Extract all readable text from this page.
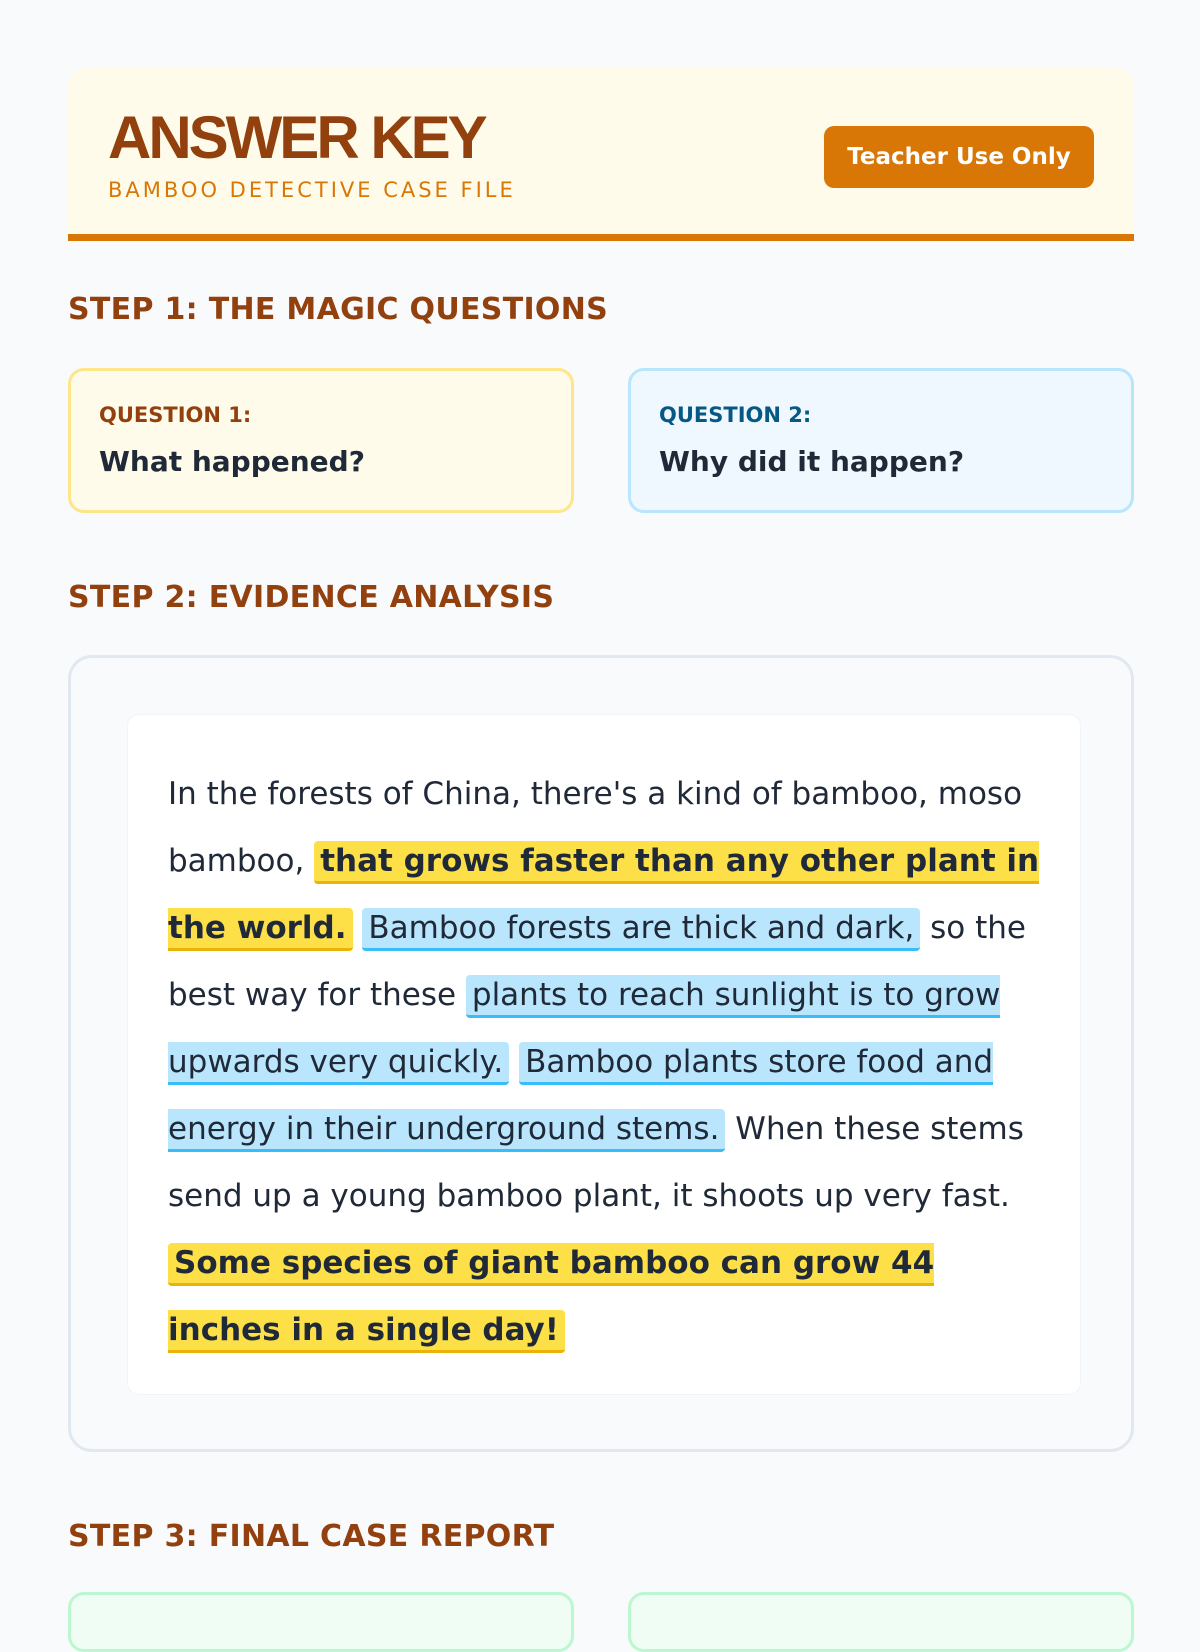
ANSWER KEY
BAMBOO DETECTIVE CASE FILE
Teacher Use Only
STEP 1: THE MAGIC QUESTIONS
QUESTION 1:
What happened?
QUESTION 2:
Why did it happen?
STEP 2: EVIDENCE ANALYSIS
In the forests of China, there's a kind of bamboo, moso bamboo, that grows faster than any other plant in the world. Bamboo forests are thick and dark, so the best way for these plants to reach sunlight is to grow upwards very quickly. Bamboo plants store food and energy in their underground stems. When these stems send up a young bamboo plant, it shoots up very fast. Some species of giant bamboo can grow 44 inches in a single day!
STEP 3: FINAL CASE REPORT
